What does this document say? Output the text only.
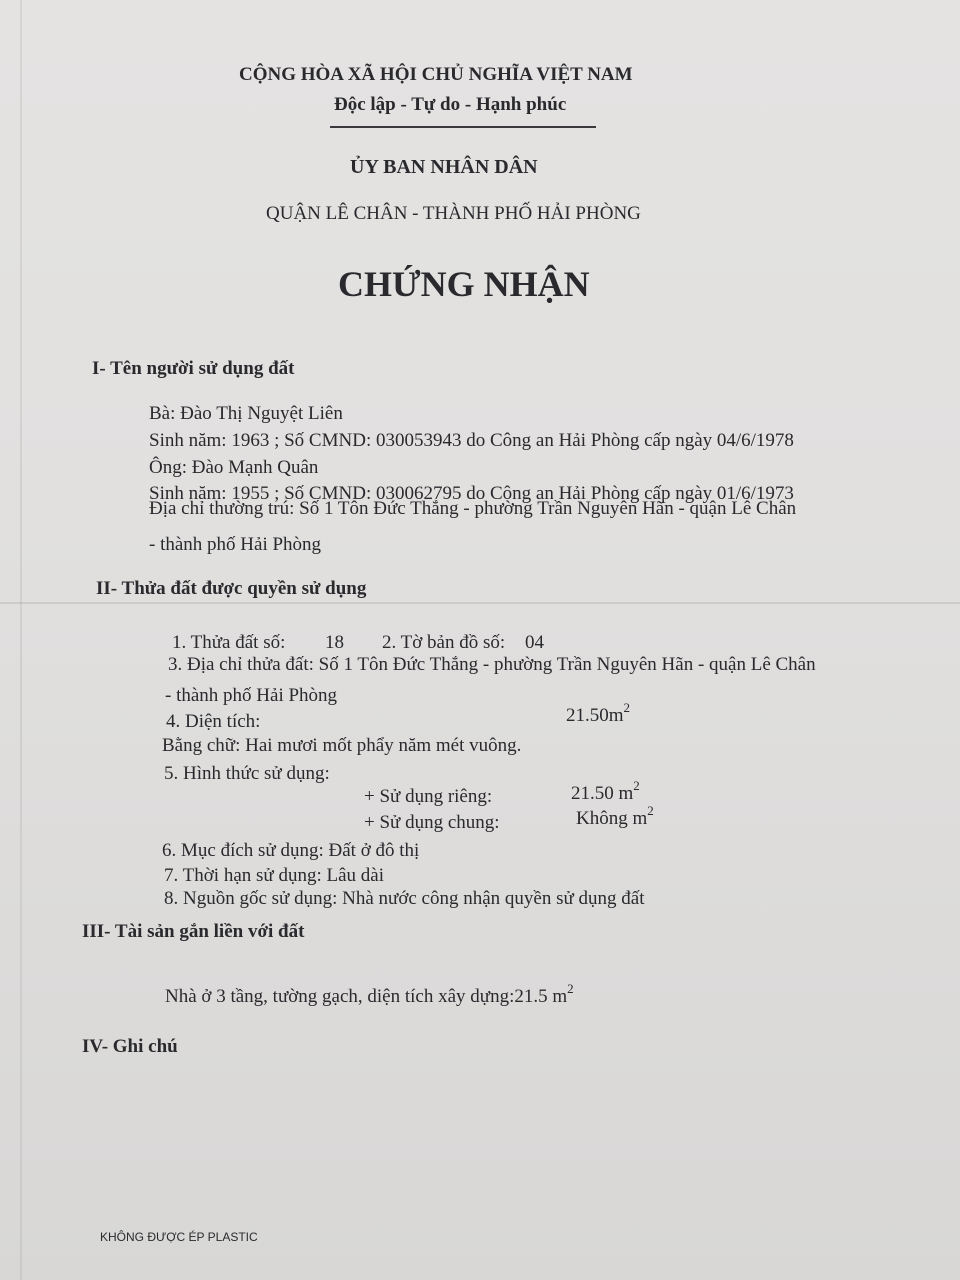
CỘNG HÒA XÃ HỘI CHỦ NGHĨA VIỆT NAM
Độc lập - Tự do - Hạnh phúc
ỦY BAN NHÂN DÂN
QUẬN LÊ CHÂN - THÀNH PHỐ HẢI PHÒNG
CHỨNG NHẬN
I- Tên người sử dụng đất
Bà: Đào Thị Nguyệt Liên
Sinh năm: 1963 ; Số CMND: 030053943 do Công an Hải Phòng cấp ngày 04/6/1978
Ông: Đào Mạnh Quân
Sinh năm: 1955 ; Số CMND: 030062795 do Công an Hải Phòng cấp ngày 01/6/1973
Địa chỉ thường trú: Số 1 Tôn Đức Thắng - phường Trần Nguyên Hãn - quận Lê Chân
- thành phố Hải Phòng
II- Thửa đất được quyền sử dụng
1. Thửa đất số: 18 2. Tờ bản đồ số: 04
3. Địa chỉ thửa đất: Số 1 Tôn Đức Thắng - phường Trần Nguyên Hãn - quận Lê Chân
- thành phố Hải Phòng
4. Diện tích:	$21.50m^2$
Bằng chữ: Hai mươi mốt phẩy năm mét vuông.
5. Hình thức sử dụng:
+ Sử dụng riêng:	21.50 $m^2$
+ Sử dụng chung:	Không $m^2$
6. Mục đích sử dụng: Đất ở đô thị
7. Thời hạn sử dụng: Lâu dài
8. Nguồn gốc sử dụng: Nhà nước công nhận quyền sử dụng đất
III- Tài sản gắn liền với đất
Nhà ở 3 tầng, tường gạch, diện tích xây dựng:21.5 $m^2$
IV- Ghi chú
KHÔNG ĐƯỢC ÉP PLASTIC
